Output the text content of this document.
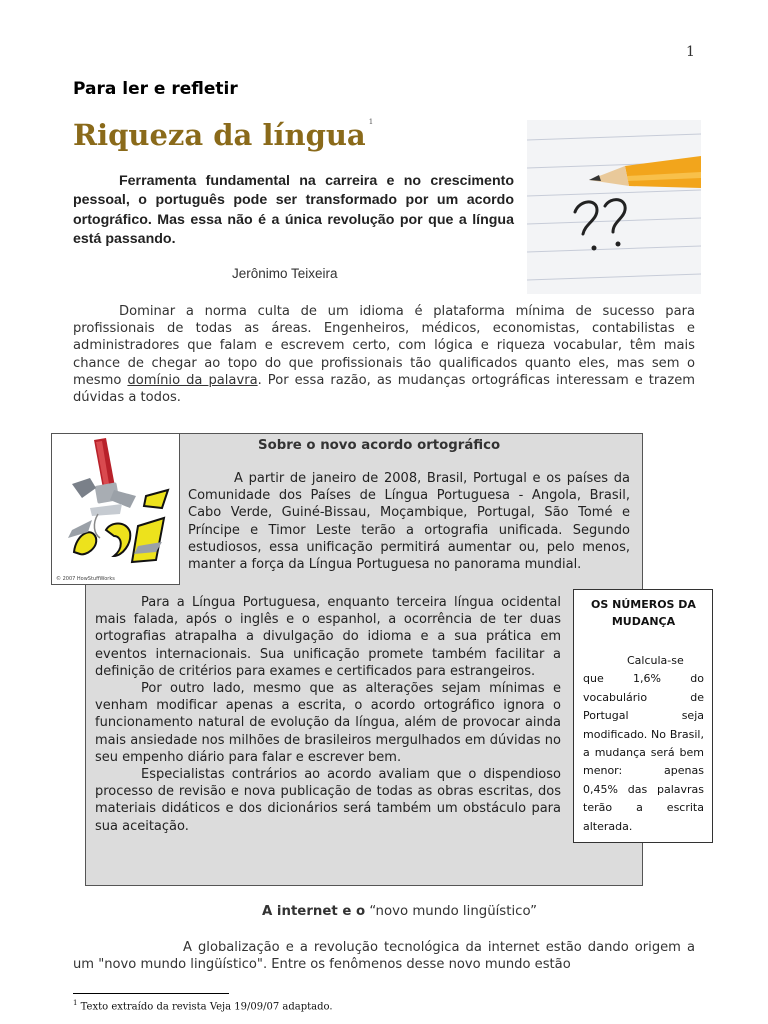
1
Para ler e refletir
Riqueza da língua $^1$
Ferramenta fundamental na carreira e no crescimento pessoal, o português pode ser transformado por um acordo ortográfico. Mas essa não é a única revolução por que a língua está passando.
Jerônimo Teixeira

Dominar a norma culta de um idioma é plataforma mínima de sucesso para profissionais de todas as áreas. Engenheiros, médicos, economistas, contabilistas e administradores que falam e escrevem certo, com lógica e riqueza vocabular, têm mais chance de chegar ao topo do que profissionais tão qualificados quanto eles, mas sem o mesmo domínio da palavra. Por essa razão, as mudanças ortográficas interessam e trazem dúvidas a todos.

© 2007 HowStuffWorks
Sobre o novo acordo ortográfico

A partir de janeiro de 2008, Brasil, Portugal e os países da Comunidade dos Países de Língua Portuguesa - Angola, Brasil, Cabo Verde, Guiné-Bissau, Moçambique, Portugal, São Tomé e Príncipe e Timor Leste terão a ortografia unificada. Segundo estudiosos, essa unificação permitirá aumentar ou, pelo menos, manter a força da Língua Portuguesa no panorama mundial.

Para a Língua Portuguesa, enquanto terceira língua ocidental mais falada, após o inglês e o espanhol, a ocorrência de ter duas ortografias atrapalha a divulgação do idioma e a sua prática em eventos internacionais. Sua unificação promete também facilitar a definição de critérios para exames e certificados para estrangeiros.

Por outro lado, mesmo que as alterações sejam mínimas e venham modificar apenas a escrita, o acordo ortográfico ignora o funcionamento natural de evolução da língua, além de provocar ainda mais ansiedade nos milhões de brasileiros mergulhados em dúvidas no seu empenho diário para falar e escrever bem.

Especialistas contrários ao acordo avaliam que o dispendioso processo de revisão e nova publicação de todas as obras escritas, dos materiais didáticos e dos dicionários será também um obstáculo para sua aceitação.

OS NÚMEROS DA MUDANÇA

Calcula-se que 1,6% do vocabulário de Portugal seja modificado. No Brasil, a mudança será bem menor: apenas 0,45% das palavras terão a escrita alterada.

A internet e o “novo mundo lingüístico”

A globalização e a revolução tecnológica da internet estão dando origem a um "novo mundo lingüístico". Entre os fenômenos desse novo mundo estão

$^1$ Texto extraído da revista Veja 19/09/07 adaptado.
